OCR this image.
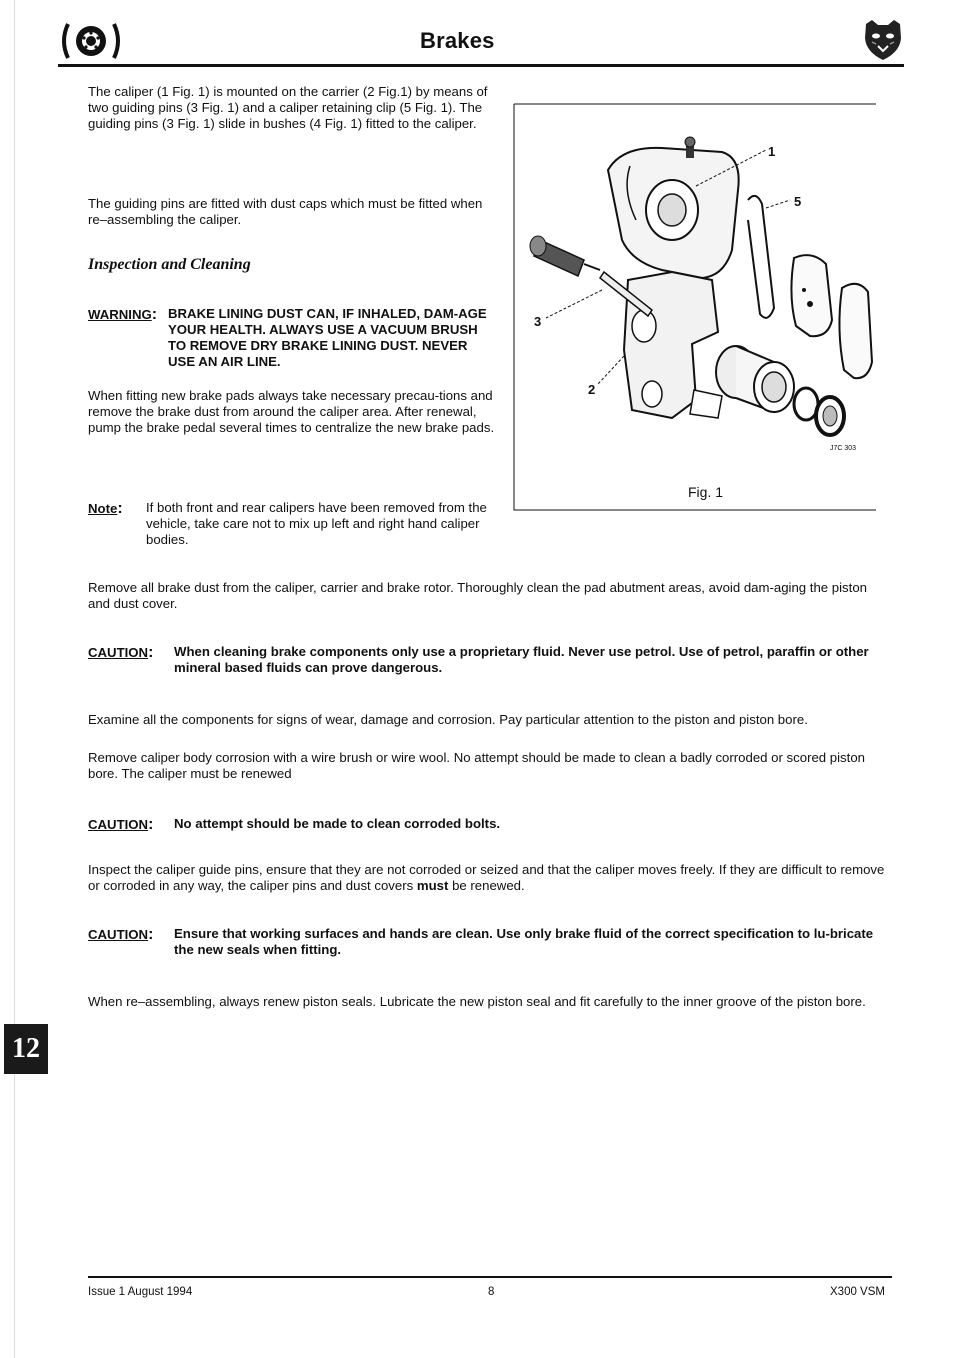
Brakes
The caliper (1 Fig. 1) is mounted on the carrier (2 Fig.1) by means of two guiding pins (3 Fig. 1) and a caliper retaining clip (5 Fig. 1). The guiding pins (3 Fig. 1) slide in bushes (4 Fig. 1) fitted to the caliper.
The guiding pins are fitted with dust caps which must be fitted when re–assembling the caliper.
Inspection and Cleaning
WARNING: BRAKE LINING DUST CAN, IF INHALED, DAM-AGE YOUR HEALTH. ALWAYS USE A VACUUM BRUSH TO REMOVE DRY BRAKE LINING DUST. NEVER USE AN AIR LINE.
When fitting new brake pads always take necessary precau-tions and remove the brake dust from around the caliper area. After renewal, pump the brake pedal several times to centralize the new brake pads.
Note: If both front and rear calipers have been removed from the vehicle, take care not to mix up left and right hand caliper bodies.
1
2
3
5
J7C 303
Fig. 1
Remove all brake dust from the caliper, carrier and brake rotor. Thoroughly clean the pad abutment areas, avoid dam-aging the piston and dust cover.
CAUTION: When cleaning brake components only use a proprietary fluid. Never use petrol. Use of petrol, paraffin or other mineral based fluids can prove dangerous.
Examine all the components for signs of wear, damage and corrosion. Pay particular attention to the piston and piston bore.
Remove caliper body corrosion with a wire brush or wire wool. No attempt should be made to clean a badly corroded or scored piston bore. The caliper must be renewed
CAUTION: No attempt should be made to clean corroded bolts.
Inspect the caliper guide pins, ensure that they are not corroded or seized and that the caliper moves freely. If they are difficult to remove or corroded in any way, the caliper pins and dust covers must be renewed.
CAUTION: Ensure that working surfaces and hands are clean. Use only brake fluid of the correct specification to lu-bricate the new seals when fitting.
When re–assembling, always renew piston seals. Lubricate the new piston seal and fit carefully to the inner groove of the piston bore.
12
Issue 1 August 1994	8	X300 VSM
